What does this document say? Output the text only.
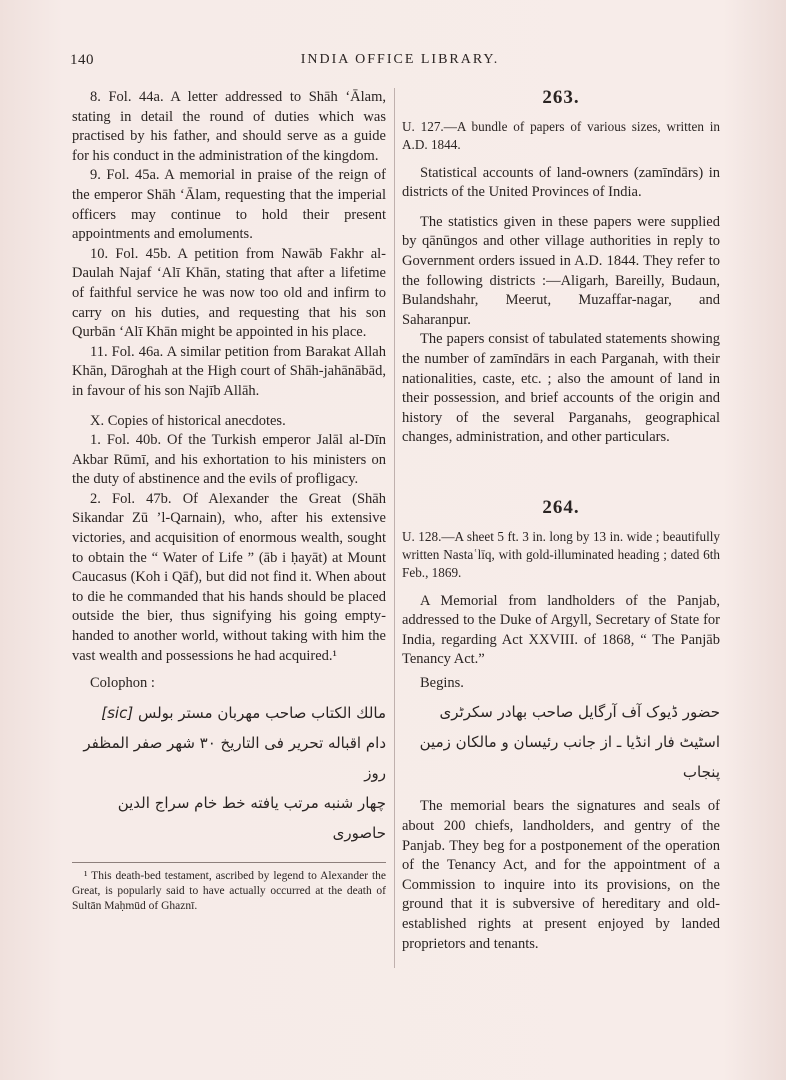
140	INDIA OFFICE LIBRARY.

8. Fol. 44a. A letter addressed to Shāh ‘Ālam, stating in detail the round of duties which was practised by his father, and should serve as a guide for his conduct in the administration of the kingdom.

9. Fol. 45a. A memorial in praise of the reign of the emperor Shāh ‘Ālam, requesting that the imperial officers may continue to hold their present appointments and emoluments.

10. Fol. 45b. A petition from Nawāb Fakhr al-Daulah Najaf ‘Alī Khān, stating that after a lifetime of faithful service he was now too old and infirm to carry on his duties, and requesting that his son Qurbān ‘Alī Khān might be appointed in his place.

11. Fol. 46a. A similar petition from Barakat Allah Khān, Dāroghah at the High court of Shāh-jahānābād, in favour of his son Najīb Allāh.

X. Copies of historical anecdotes.

1. Fol. 40b. Of the Turkish emperor Jalāl al-Dīn Akbar Rūmī, and his exhortation to his ministers on the duty of abstinence and the evils of profligacy.

2. Fol. 47b. Of Alexander the Great (Shāh Sikandar Zū ’l-Qarnain), who, after his extensive victories, and acquisition of enormous wealth, sought to obtain the “ Water of Life ” (āb i ḥayāt) at Mount Caucasus (Koh i Qāf), but did not find it. When about to die he commanded that his hands should be placed outside the bier, thus signifying his going empty-handed to another world, without taking with him the vast wealth and possessions he had acquired.¹

Colophon :

مالك الكتاب صاحب مهربان مستر بولس [sic]

دام اقباله تحرير فى التاريخ ٣٠ شهر صفر المظفر روز

چهار شنبه مرتب يافته خط خام سراج الدين

حاصورى

¹ This death-bed testament, ascribed by legend to Alexander the Great, is popularly said to have actually occurred at the death of Sultān Maḥmūd of Ghaznī.

263.

U. 127.—A bundle of papers of various sizes, written in A.D. 1844.

Statistical accounts of land-owners (zamīndārs) in districts of the United Provinces of India.

The statistics given in these papers were supplied by qānūngos and other village authorities in reply to Government orders issued in A.D. 1844. They refer to the following districts :—Aligarh, Bareilly, Budaun, Bulandshahr, Meerut, Muzaffar-nagar, and Saharanpur.

The papers consist of tabulated statements showing the number of zamīndārs in each Parganah, with their nationalities, caste, etc. ; also the amount of land in their possession, and brief accounts of the origin and history of the several Parganahs, geographical changes, administration, and other particulars.

264.

U. 128.—A sheet 5 ft. 3 in. long by 13 in. wide ; beautifully written Nastaʿlīq, with gold-illuminated heading ; dated 6th Feb., 1869.

A Memorial from landholders of the Panjab, addressed to the Duke of Argyll, Secretary of State for India, regarding Act XXVIII. of 1868, “ The Panjāb Tenancy Act.”

Begins.

حضور ڈیوک آف آرگایل صاحب بهادر سکرٹری

اسٹیٹ فار انڈیا ـ از جانب رئیسان و مالکان زمین

پنجاب

The memorial bears the signatures and seals of about 200 chiefs, landholders, and gentry of the Panjab. They beg for a postponement of the operation of the Tenancy Act, and for the appointment of a Commission to inquire into its provisions, on the ground that it is subversive of hereditary and old-established rights at present enjoyed by landed proprietors and tenants.
